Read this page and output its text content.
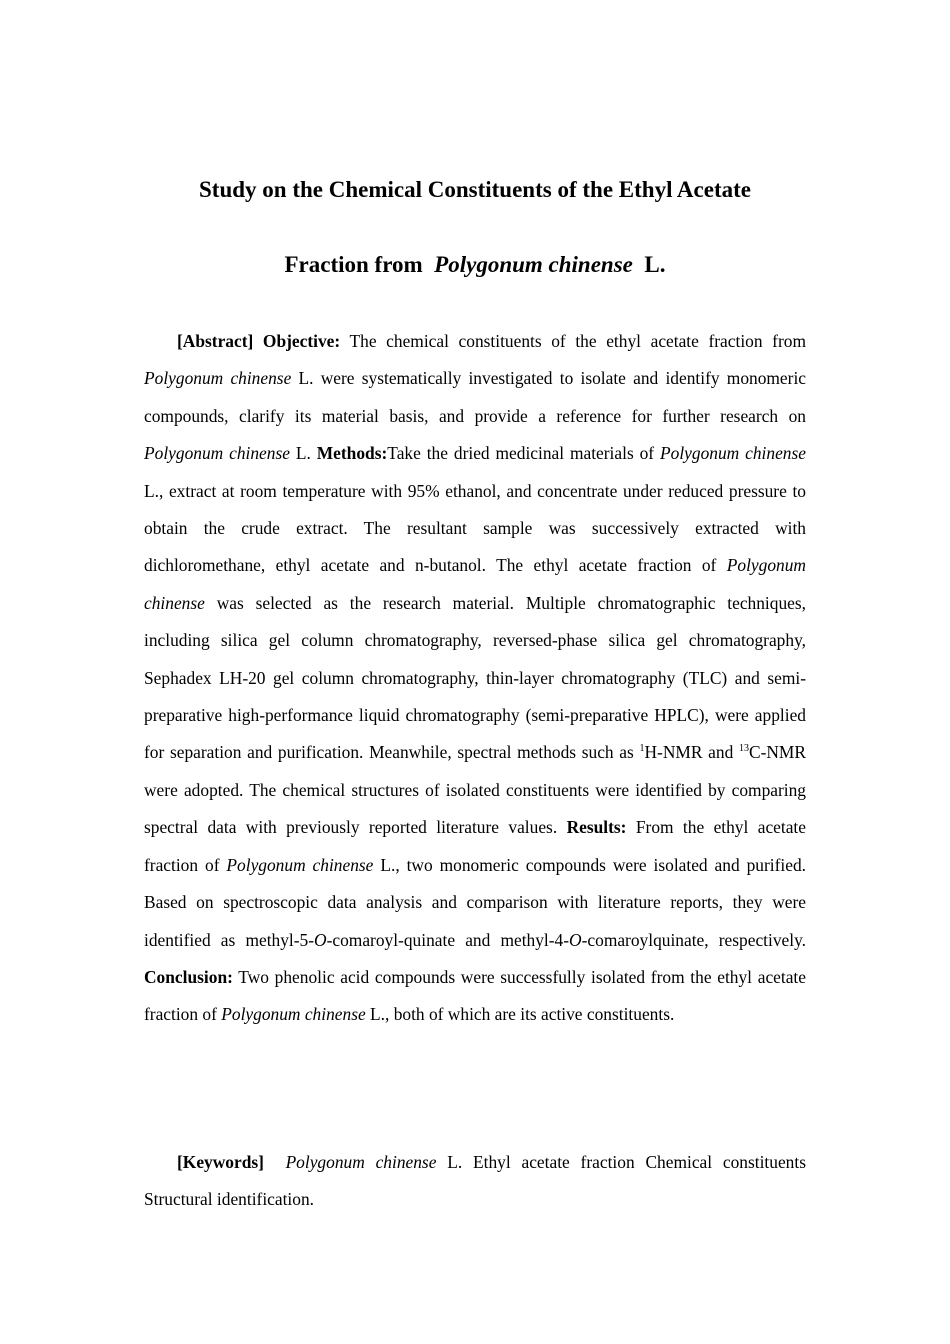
Study on the Chemical Constituents of the Ethyl Acetate
Fraction from Polygonum chinense L.

[Abstract] Objective: The chemical constituents of the ethyl acetate fraction from Polygonum chinense L. were systematically investigated to isolate and identify monomeric compounds, clarify its material basis, and provide a reference for further research on Polygonum chinense L. Methods:Take the dried medicinal materials of Polygonum chinense L., extract at room temperature with 95% ethanol, and concentrate under reduced pressure to obtain the crude extract. The resultant sample was successively extracted with dichloromethane, ethyl acetate and n-butanol. The ethyl acetate fraction of Polygonum chinense was selected as the research material. Multiple chromatographic techniques, including silica gel column chromatography, reversed-phase silica gel chromatography, Sephadex LH-20 gel column chromatography, thin-layer chromatography (TLC) and semi-preparative high-performance liquid chromatography (semi-preparative HPLC), were applied for separation and purification. Meanwhile, spectral methods such as $^1$H-NMR and $^{13}$C-NMR were adopted. The chemical structures of isolated constituents were identified by comparing spectral data with previously reported literature values. Results: From the ethyl acetate fraction of Polygonum chinense L., two monomeric compounds were isolated and purified. Based on spectroscopic data analysis and comparison with literature reports, they were identified as methyl-5-O-comaroyl-quinate and methyl-4-O-comaroylquinate, respectively. Conclusion: Two phenolic acid compounds were successfully isolated from the ethyl acetate fraction of Polygonum chinense L., both of which are its active constituents.

[Keywords] Polygonum chinense L. Ethyl acetate fraction Chemical constituents Structural identification.
